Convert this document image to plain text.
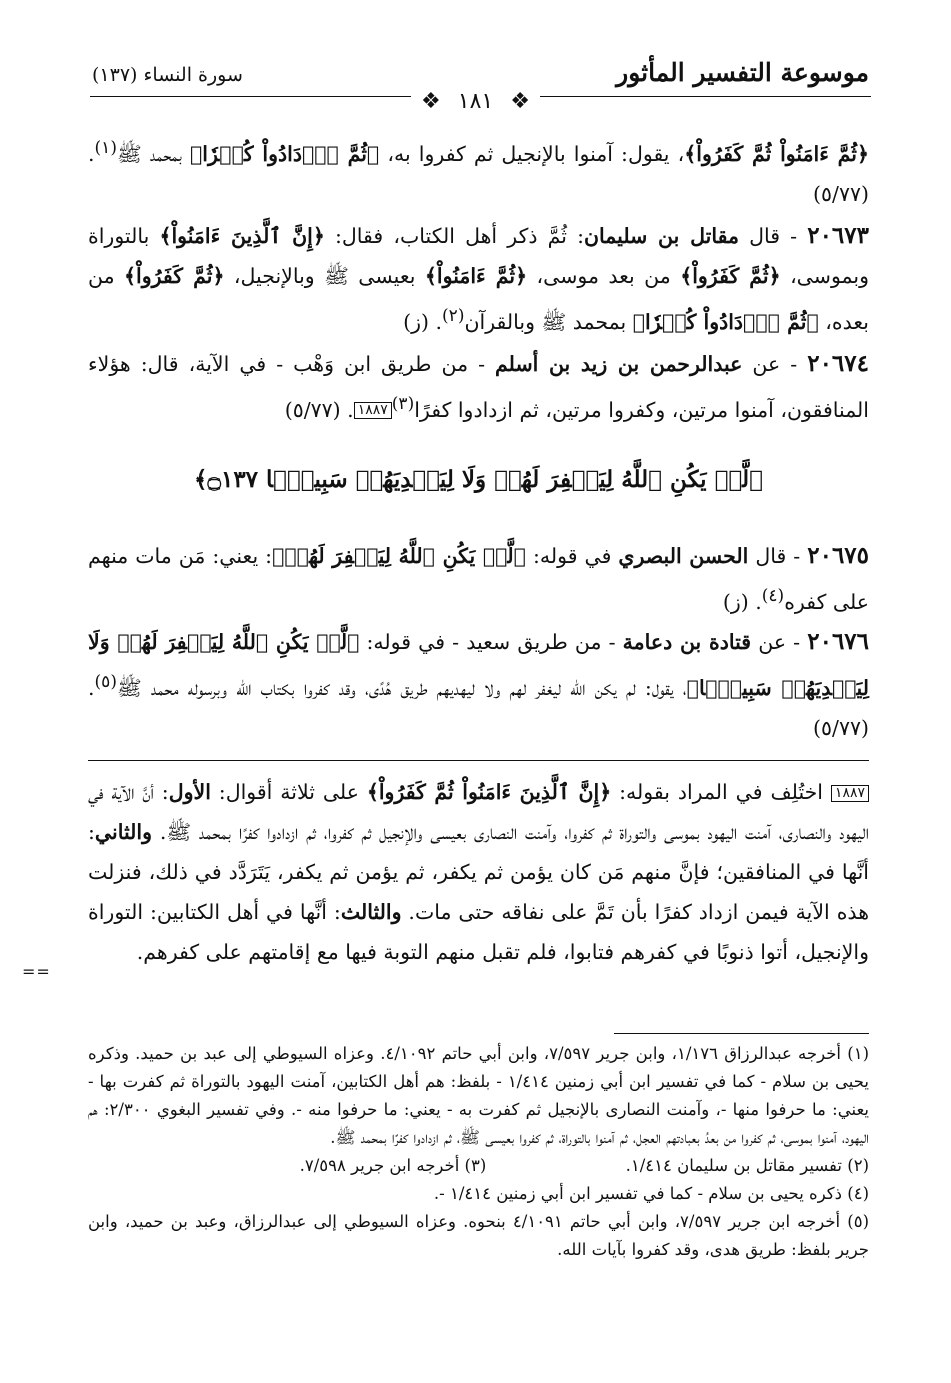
موسوعة التفسير المأثور
سورة النساء (١٣٧)
❖ ١٨١ ❖

﴿ثُمَّ ءَامَنُواْ ثُمَّ كَفَرُواْ﴾، يقول: آمنوا بالإنجيل ثم كفروا به، ﴿ثُمَّ ٱزۡدَادُواْ كُفۡرٗا﴾ بمحمد ﷺ$^{(١)}$. (٥/٧٧)

٢٠٦٧٣ - قال مقاتل بن سليمان: ثُمَّ ذكر أهل الكتاب، فقال: ﴿إِنَّ ٱلَّذِينَ ءَامَنُواْ﴾ بالتوراة وبموسى، ﴿ثُمَّ كَفَرُواْ﴾ من بعد موسى، ﴿ثُمَّ ءَامَنُواْ﴾ بعيسى ﷺ وبالإنجيل، ﴿ثُمَّ كَفَرُواْ﴾ من بعده، ﴿ثُمَّ ٱزۡدَادُواْ كُفۡرٗا﴾ بمحمد ﷺ وبالقرآن$^{(٢)}$. (ز)

٢٠٦٧٤ - عن عبدالرحمن بن زيد بن أسلم - من طريق ابن وَهْب - في الآية، قال: هؤلاء المنافقون، آمنوا مرتين، وكفروا مرتين، ثم ازدادوا كفرًا$^{(٣)}$١٨٨٧. (٥/٧٧)

﴿لَّمۡ يَكُنِ ٱللَّهُ لِيَغۡفِرَ لَهُمۡ وَلَا لِيَهۡدِيَهُمۡ سَبِيلَۢا ۝١٣٧﴾

٢٠٦٧٥ - قال الحسن البصري في قوله: ﴿لَّمۡ يَكُنِ ٱللَّهُ لِيَغۡفِرَ لَهُمۡ﴾: يعني: مَن مات منهم على كفره$^{(٤)}$. (ز)

٢٠٦٧٦ - عن قتادة بن دعامة - من طريق سعيد - في قوله: ﴿لَّمۡ يَكُنِ ٱللَّهُ لِيَغۡفِرَ لَهُمۡ وَلَا لِيَهۡدِيَهُمۡ سَبِيلَۢا﴾، يقول: لم يكن الله ليغفر لهم ولا ليهديهم طريق هُدًى، وقد كفروا بكتاب الله وبرسوله محمد ﷺ$^{(٥)}$. (٥/٧٧)

١٨٨٧ اختُلِف في المراد بقوله: ﴿إِنَّ ٱلَّذِينَ ءَامَنُواْ ثُمَّ كَفَرُواْ﴾ على ثلاثة أقوال: الأول: أنَّ الآية في اليهود والنصارى، آمنت اليهود بموسى والتوراة ثم كفروا، وآمنت النصارى بعيسى والإنجيل ثم كفروا، ثم ازدادوا كفرًا بمحمد ﷺ. والثاني: أنَّها في المنافقين؛ فإنَّ منهم مَن كان يؤمن ثم يكفر، ثم يؤمن ثم يكفر، يَتَرَدَّد في ذلك، فنزلت هذه الآية فيمن ازداد كفرًا بأن تَمَّ على نفاقه حتى مات. والثالث: أنَّها في أهل الكتابين: التوراة والإنجيل، أتوا ذنوبًا في كفرهم فتابوا، فلم تقبل منهم التوبة فيها مع إقامتهم على كفرهم.

==

(١) أخرجه عبدالرزاق ١/١٧٦، وابن جرير ٧/٥٩٧، وابن أبي حاتم ٤/١٠٩٢. وعزاه السيوطي إلى عبد بن حميد. وذكره يحيى بن سلام - كما في تفسير ابن أبي زمنين ١/٤١٤ - بلفظ: هم أهل الكتابين، آمنت اليهود بالتوراة ثم كفرت بها - يعني: ما حرفوا منها -، وآمنت النصارى بالإنجيل ثم كفرت به - يعني: ما حرفوا منه -. وفي تفسير البغوي ٢/٣٠٠: هم اليهود، آمنوا بموسى، ثم كفروا من بعدُ بعبادتهم العجل، ثم آمنوا بالتوراة، ثم كفروا بعيسى ﷺ، ثم ازدادوا كفرًا بمحمد ﷺ.

(٢) تفسير مقاتل بن سليمان ١/٤١٤.(٣) أخرجه ابن جرير ٧/٥٩٨.

(٤) ذكره يحيى بن سلام - كما في تفسير ابن أبي زمنين ١/٤١٤ -.

(٥) أخرجه ابن جرير ٧/٥٩٧، وابن أبي حاتم ٤/١٠٩١ بنحوه. وعزاه السيوطي إلى عبدالرزاق، وعبد بن حميد، وابن جرير بلفظ: طريق هدى، وقد كفروا بآيات الله.
